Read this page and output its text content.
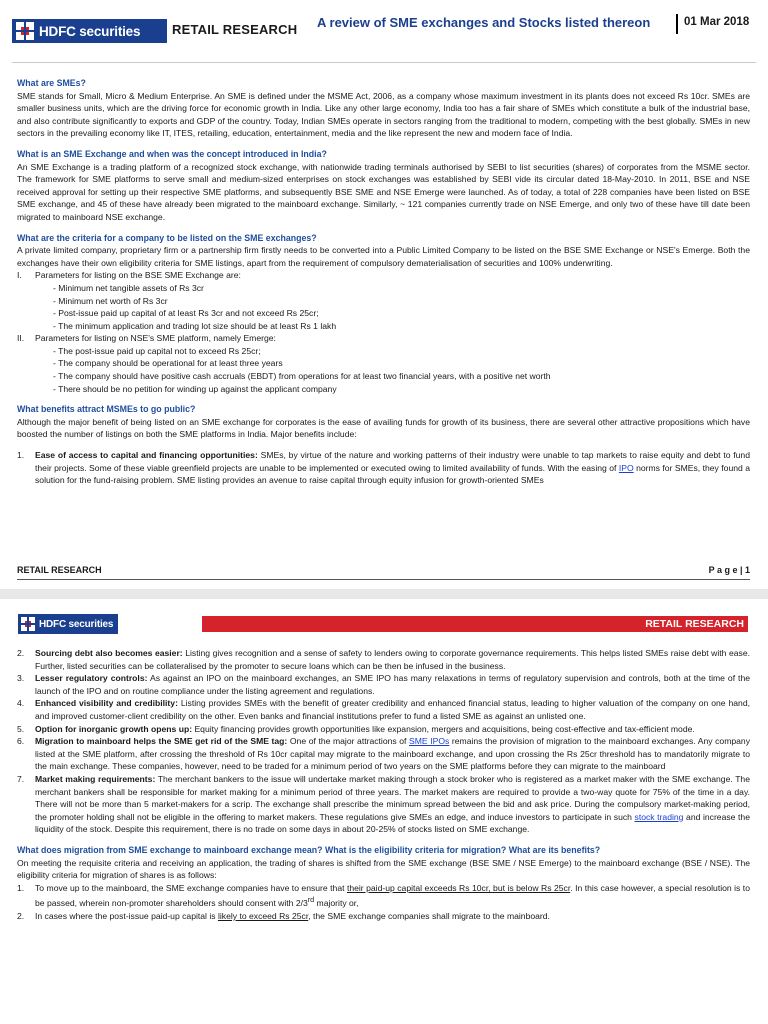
HDFC securities RETAIL RESEARCH A review of SME exchanges and Stocks listed thereon	01 Mar 2018
What are SMEs?

SME stands for Small, Micro & Medium Enterprise. An SME is defined under the MSME Act, 2006, as a company whose maximum investment in its plants does not exceed Rs 10cr. SMEs are smaller business units, which are the driving force for economic growth in India. Like any other large economy, India too has a fair share of SMEs which constitute a bulk of the industrial base, and also contribute significantly to exports and GDP of the country. Today, Indian SMEs operate in sectors ranging from the traditional to modern, competing with the best globally. SMEs in new sectors in the prevailing economy like IT, ITES, retailing, education, entertainment, media and the like represent the new and modern face of India.

What is an SME Exchange and when was the concept introduced in India?

An SME Exchange is a trading platform of a recognized stock exchange, with nationwide trading terminals authorised by SEBI to list securities (shares) of corporates from the MSME sector. The framework for SME platforms to serve small and medium-sized enterprises on stock exchanges was established by SEBI vide its circular dated 18-May-2010. In 2011, BSE and NSE received approval for setting up their respective SME platforms, and subsequently BSE SME and NSE Emerge were launched. As of today, a total of 228 companies have been listed on BSE SME exchange, and 45 of these have already been migrated to the mainboard exchange. Similarly, ~ 121 companies currently trade on NSE Emerge, and only two of these have till date been migrated to mainboard NSE exchange.

What are the criteria for a company to be listed on the SME exchanges?

A private limited company, proprietary firm or a partnership firm firstly needs to be converted into a Public Limited Company to be listed on the BSE SME Exchange or NSE's Emerge. Both the exchanges have their own eligibility criteria for SME listings, apart from the requirement of compulsory dematerialisation of securities and 100% underwriting.

I.	Parameters for listing on the BSE SME Exchange are:
- Minimum net tangible assets of Rs 3cr
- Minimum net worth of Rs 3cr
- Post-issue paid up capital of at least Rs 3cr and not exceed Rs 25cr;
- The minimum application and trading lot size should be at least Rs 1 lakh
II.	Parameters for listing on NSE's SME platform, namely Emerge:
- The post-issue paid up capital not to exceed Rs 25cr;
- The company should be operational for at least three years
- The company should have positive cash accruals (EBDT) from operations for at least two financial years, with a positive net worth
- There should be no petition for winding up against the applicant company
What benefits attract MSMEs to go public?

Although the major benefit of being listed on an SME exchange for corporates is the ease of availing funds for growth of its business, there are several other attractive propositions which have boosted the number of listings on both the SME platforms in India. Major benefits include:

1.	Ease of access to capital and financing opportunities: SMEs, by virtue of the nature and working patterns of their industry were unable to tap markets to raise equity and debt to fund their projects. Some of these viable greenfield projects are unable to be implemented or executed owing to limited availability of funds. With the easing of IPO norms for SMEs, they found a solution for the fund-raising problem. SME listing provides an avenue to raise capital through equity infusion for growth-oriented SMEs

RETAIL RESEARCH	P a g e | 1
HDFC securities	RETAIL RESEARCH
2.	Sourcing debt also becomes easier: Listing gives recognition and a sense of safety to lenders owing to corporate governance requirements. This helps listed SMEs raise debt with ease. Further, listed securities can be collateralised by the promoter to secure loans which can be then be infused in the business.

3.	Lesser regulatory controls: As against an IPO on the mainboard exchanges, an SME IPO has many relaxations in terms of regulatory supervision and controls, both at the time of the launch of the IPO and on routine compliance under the listing agreement and regulations.

4.	Enhanced visibility and credibility: Listing provides SMEs with the benefit of greater credibility and enhanced financial status, leading to higher valuation of the company on one hand, and improved customer-client credibility on the other. Even banks and financial institutions prefer to fund a listed SME as against an unlisted one.

5.	Option for inorganic growth opens up: Equity financing provides growth opportunities like expansion, mergers and acquisitions, being cost-effective and tax-efficient mode.

6.	Migration to mainboard helps the SME get rid of the SME tag: One of the major attractions of SME IPOs remains the provision of migration to the mainboard exchanges. Any company listed at the SME platform, after crossing the threshold of Rs 10cr capital may migrate to the mainboard exchange, and upon crossing the Rs 25cr threshold has to mandatorily migrate to the main exchange. These companies, however, need to be traded for a minimum period of two years on the SME platforms before they can migrate to the mainboard

7.	Market making requirements: The merchant bankers to the issue will undertake market making through a stock broker who is registered as a market maker with the SME exchange. The merchant bankers shall be responsible for market making for a minimum period of three years. The market makers are required to provide a two-way quote for 75% of the time in a day. There will not be more than 5 market-makers for a scrip. The exchange shall prescribe the minimum spread between the bid and ask price. During the compulsory market-making period, the promoter holding shall not be eligible in the offering to market makers. These regulations give SMEs an edge, and induce investors to participate in such stock trading and increase the liquidity of the stock. Despite this requirement, there is no trade on some days in about 20-25% of stocks listed on SME exchange.

What does migration from SME exchange to mainboard exchange mean? What is the eligibility criteria for migration? What are its benefits?

On meeting the requisite criteria and receiving an application, the trading of shares is shifted from the SME exchange (BSE SME / NSE Emerge) to the mainboard exchange (BSE / NSE). The eligibility criteria for migration of shares is as follows:

1.	To move up to the mainboard, the SME exchange companies have to ensure that their paid-up capital exceeds Rs 10cr, but is below Rs 25cr. In this case however, a special resolution is to be passed, wherein non-promoter shareholders should consent with 2/3rd majority or,

2.	In cases where the post-issue paid-up capital is likely to exceed Rs 25cr, the SME exchange companies shall migrate to the mainboard.
